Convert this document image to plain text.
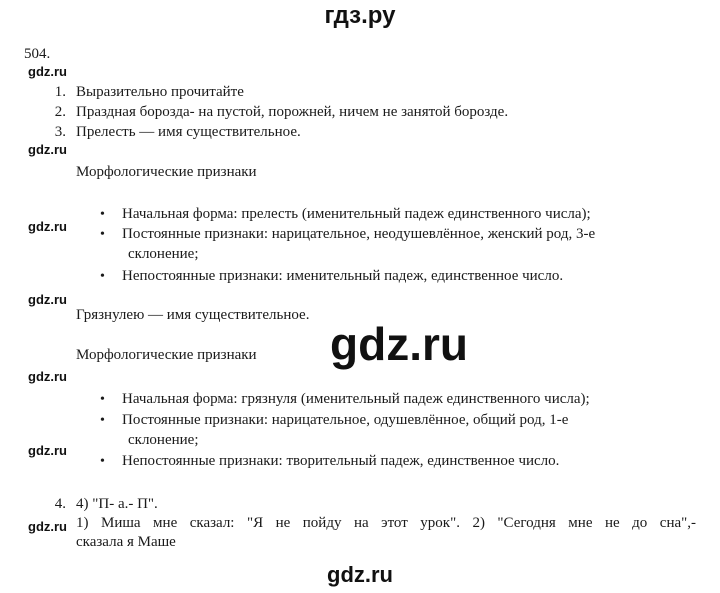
гдз.ру
504.
gdz.ru
gdz.ru
gdz.ru
gdz.ru
gdz.ru
gdz.ru
gdz.ru
1. Выразительно прочитайте
2. Праздная борозда- на пустой, порожней, ничем не занятой борозде.
3. Прелесть — имя существительное.
Морфологические признаки
• Начальная форма: прелесть (именительный падеж единственного числа);
• Постоянные признаки: нарицательное, неодушевлённое, женский род, 3-е
склонение;
• Непостоянные признаки: именительный падеж, единственное число.
Грязнулею — имя существительное.
gdz.ru
Морфологические признаки
• Начальная форма: грязнуля (именительный падеж единственного числа);
• Постоянные признаки: нарицательное, одушевлённое, общий род, 1-е
склонение;
• Непостоянные признаки: творительный падеж, единственное число.
4. 4) "П- а.- П".
1) Миша мне сказал: "Я не пойду на этот урок". 2) "Сегодня мне не до сна",-
сказала я Маше
gdz.ru
